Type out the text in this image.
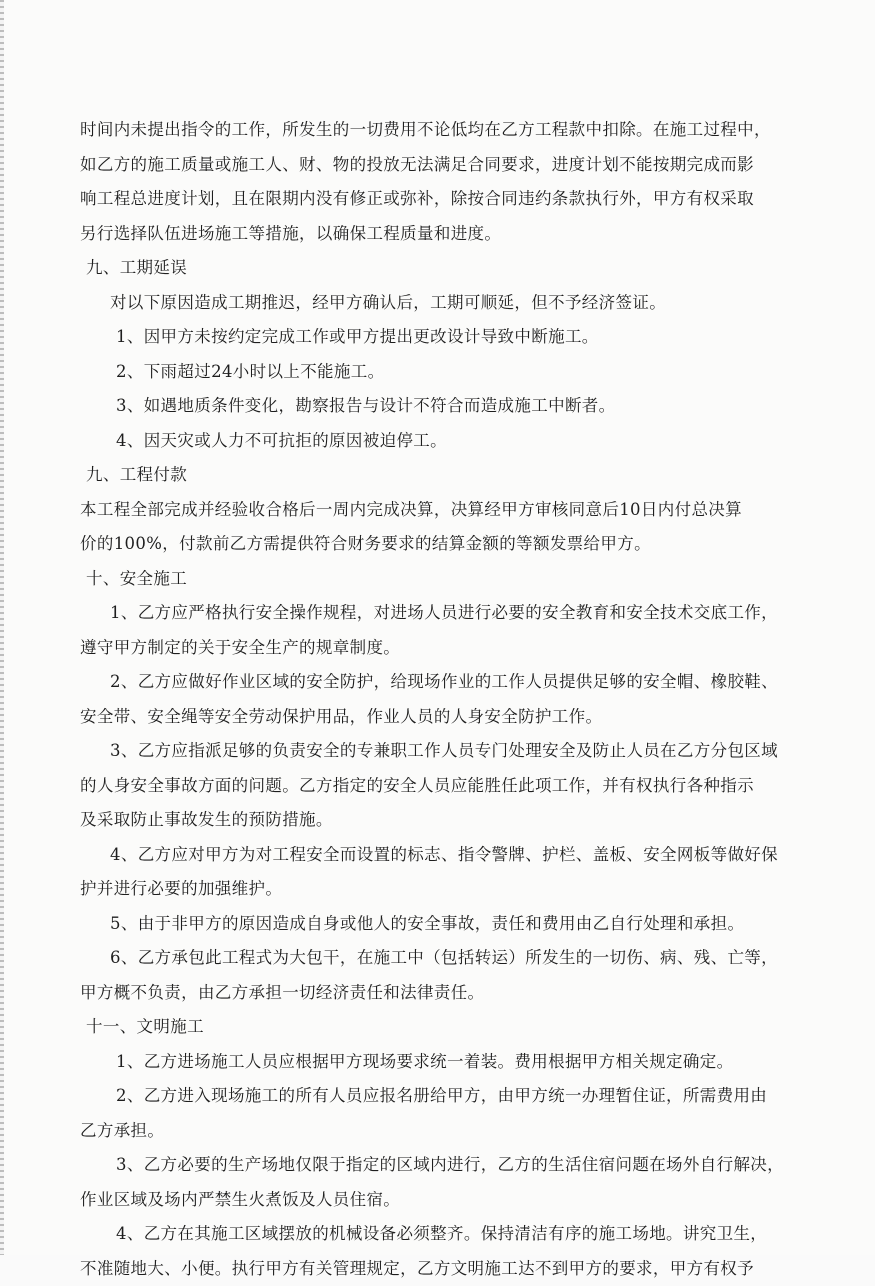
时间内未提出指令的工作，所发生的一切费用不论低均在乙方工程款中扣除。在施工过程中，
如乙方的施工质量或施工人、财、物的投放无法满足合同要求，进度计划不能按期完成而影
响工程总进度计划，且在限期内没有修正或弥补，除按合同违约条款执行外，甲方有权采取
另行选择队伍进场施工等措施，以确保工程质量和进度。
九、工期延误
对以下原因造成工期推迟，经甲方确认后，工期可顺延，但不予经济签证。
1、因甲方未按约定完成工作或甲方提出更改设计导致中断施工。
2、下雨超过24小时以上不能施工。
3、如遇地质条件变化，勘察报告与设计不符合而造成施工中断者。
4、因天灾或人力不可抗拒的原因被迫停工。
九、工程付款
本工程全部完成并经验收合格后一周内完成决算，决算经甲方审核同意后10日内付总决算
价的100%，付款前乙方需提供符合财务要求的结算金额的等额发票给甲方。
十、安全施工
1、乙方应严格执行安全操作规程，对进场人员进行必要的安全教育和安全技术交底工作，
遵守甲方制定的关于安全生产的规章制度。
2、乙方应做好作业区域的安全防护，给现场作业的工作人员提供足够的安全帽、橡胶鞋、
安全带、安全绳等安全劳动保护用品，作业人员的人身安全防护工作。
3、乙方应指派足够的负责安全的专兼职工作人员专门处理安全及防止人员在乙方分包区域
的人身安全事故方面的问题。乙方指定的安全人员应能胜任此项工作，并有权执行各种指示
及采取防止事故发生的预防措施。
4、乙方应对甲方为对工程安全而设置的标志、指令警牌、护栏、盖板、安全网板等做好保
护并进行必要的加强维护。
5、由于非甲方的原因造成自身或他人的安全事故，责任和费用由乙自行处理和承担。
6、乙方承包此工程式为大包干，在施工中（包括转运）所发生的一切伤、病、残、亡等，
甲方概不负责，由乙方承担一切经济责任和法律责任。
十一、文明施工
1、乙方进场施工人员应根据甲方现场要求统一着装。费用根据甲方相关规定确定。
2、乙方进入现场施工的所有人员应报名册给甲方，由甲方统一办理暂住证，所需费用由
乙方承担。
3、乙方必要的生产场地仅限于指定的区域内进行，乙方的生活住宿问题在场外自行解决，
作业区域及场内严禁生火煮饭及人员住宿。
4、乙方在其施工区域摆放的机械设备必须整齐。保持清洁有序的施工场地。讲究卫生，
不准随地大、小便。执行甲方有关管理规定，乙方文明施工达不到甲方的要求，甲方有权予
